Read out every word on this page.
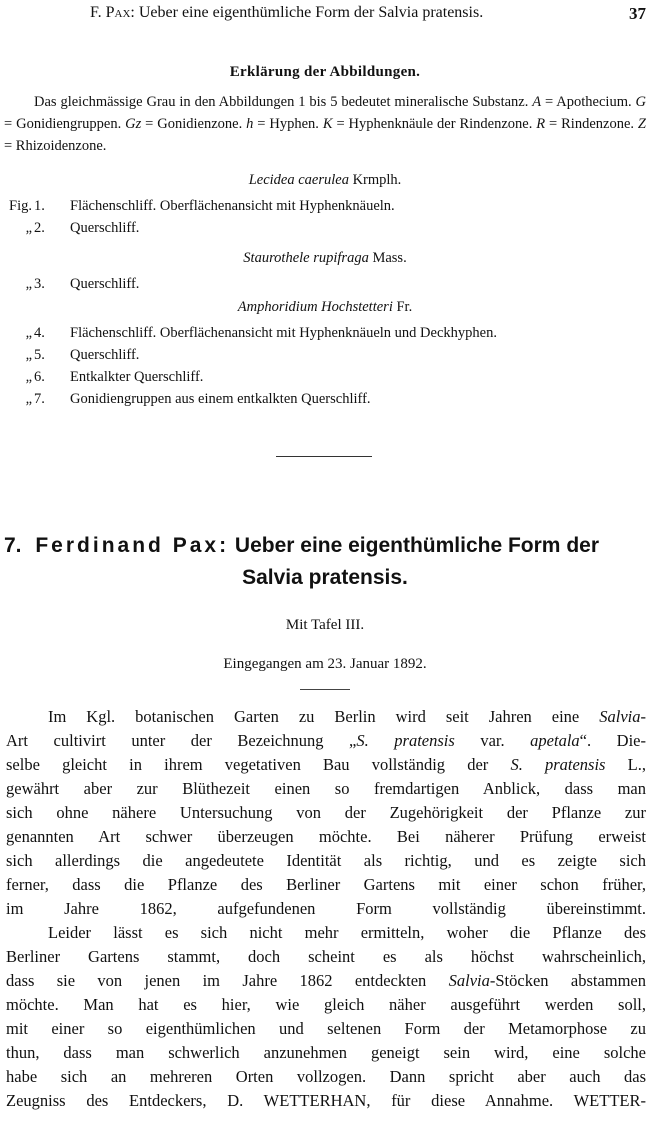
F. Pax: Ueber eine eigenthümliche Form der Salvia pratensis.	37
Erklärung der Abbildungen.
Das gleichmässige Grau in den Abbildungen 1 bis 5 bedeutet mineralische Substanz. A = Apothecium. G = Gonidiengruppen. Gz = Gonidienzone. h = Hyphen. K = Hyphenknäule der Rindenzone. R = Rindenzone. Z = Rhizoidenzone.
Lecidea caerulea Krmplh.
Fig. 1.	Flächenschliff. Oberflächenansicht mit Hyphenknäueln.
„ 2.	Querschliff.
Staurothele rupifraga Mass.
„ 3.	Querschliff.
Amphoridium Hochstetteri Fr.
„ 4.	Flächenschliff. Oberflächenansicht mit Hyphenknäueln und Deckhyphen.
„ 5.	Querschliff.
„ 6.	Entkalkter Querschliff.
„ 7.	Gonidiengruppen aus einem entkalkten Querschliff.
7. Ferdinand Pax: Ueber eine eigenthümliche Form der
Salvia pratensis.
Mit Tafel III.
Eingegangen am 23. Januar 1892.
Im Kgl. botanischen Garten zu Berlin wird seit Jahren eine Salvia-
Art cultivirt unter der Bezeichnung „S. pratensis var. apetala“. Die-
selbe gleicht in ihrem vegetativen Bau vollständig der S. pratensis L.,
gewährt aber zur Blüthezeit einen so fremdartigen Anblick, dass man
sich ohne nähere Untersuchung von der Zugehörigkeit der Pflanze zur
genannten Art schwer überzeugen möchte. Bei näherer Prüfung erweist
sich allerdings die angedeutete Identität als richtig, und es zeigte sich
ferner, dass die Pflanze des Berliner Gartens mit einer schon früher,
im Jahre 1862, aufgefundenen Form vollständig übereinstimmt.
Leider lässt es sich nicht mehr ermitteln, woher die Pflanze des
Berliner Gartens stammt, doch scheint es als höchst wahrscheinlich,
dass sie von jenen im Jahre 1862 entdeckten Salvia-Stöcken abstammen
möchte. Man hat es hier, wie gleich näher ausgeführt werden soll,
mit einer so eigenthümlichen und seltenen Form der Metamorphose zu
thun, dass man schwerlich anzunehmen geneigt sein wird, eine solche
habe sich an mehreren Orten vollzogen. Dann spricht aber auch das
Zeugniss des Entdeckers, D. WETTERHAN, für diese Annahme. WETTER-
